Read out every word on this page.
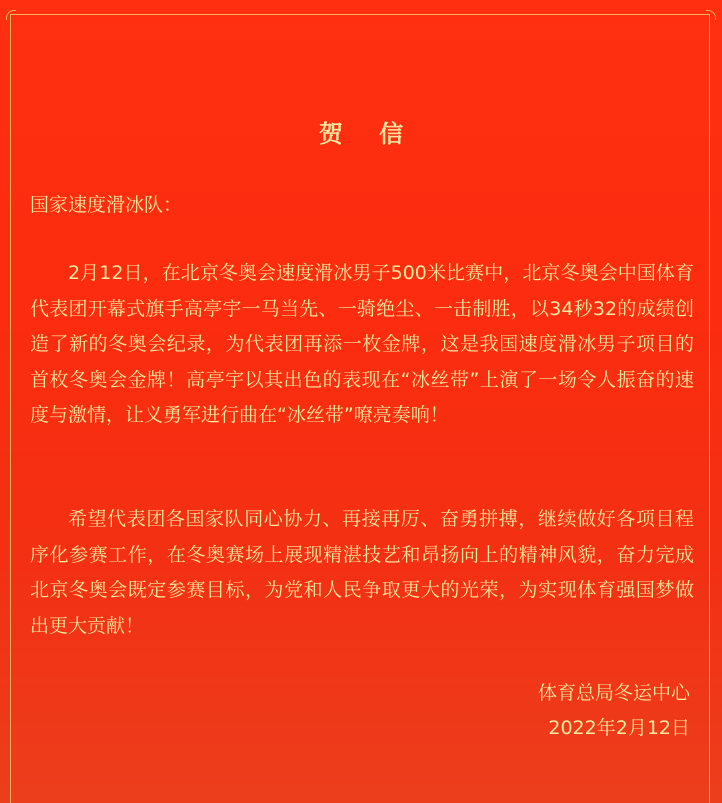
贺 信
国家速度滑冰队：
2月12日，在北京冬奥会速度滑冰男子500米比赛中，北京冬奥会中国体育代表团开幕式旗手高亭宇一马当先、一骑绝尘、一击制胜，以34秒32的成绩创造了新的冬奥会纪录，为代表团再添一枚金牌，这是我国速度滑冰男子项目的首枚冬奥会金牌！高亭宇以其出色的表现在“冰丝带”上演了一场令人振奋的速度与激情，让义勇军进行曲在“冰丝带”嘹亮奏响！
希望代表团各国家队同心协力、再接再厉、奋勇拼搏，继续做好各项目程序化参赛工作，在冬奥赛场上展现精湛技艺和昂扬向上的精神风貌，奋力完成北京冬奥会既定参赛目标，为党和人民争取更大的光荣，为实现体育强国梦做出更大贡献！
体育总局冬运中心
2022年2月12日
